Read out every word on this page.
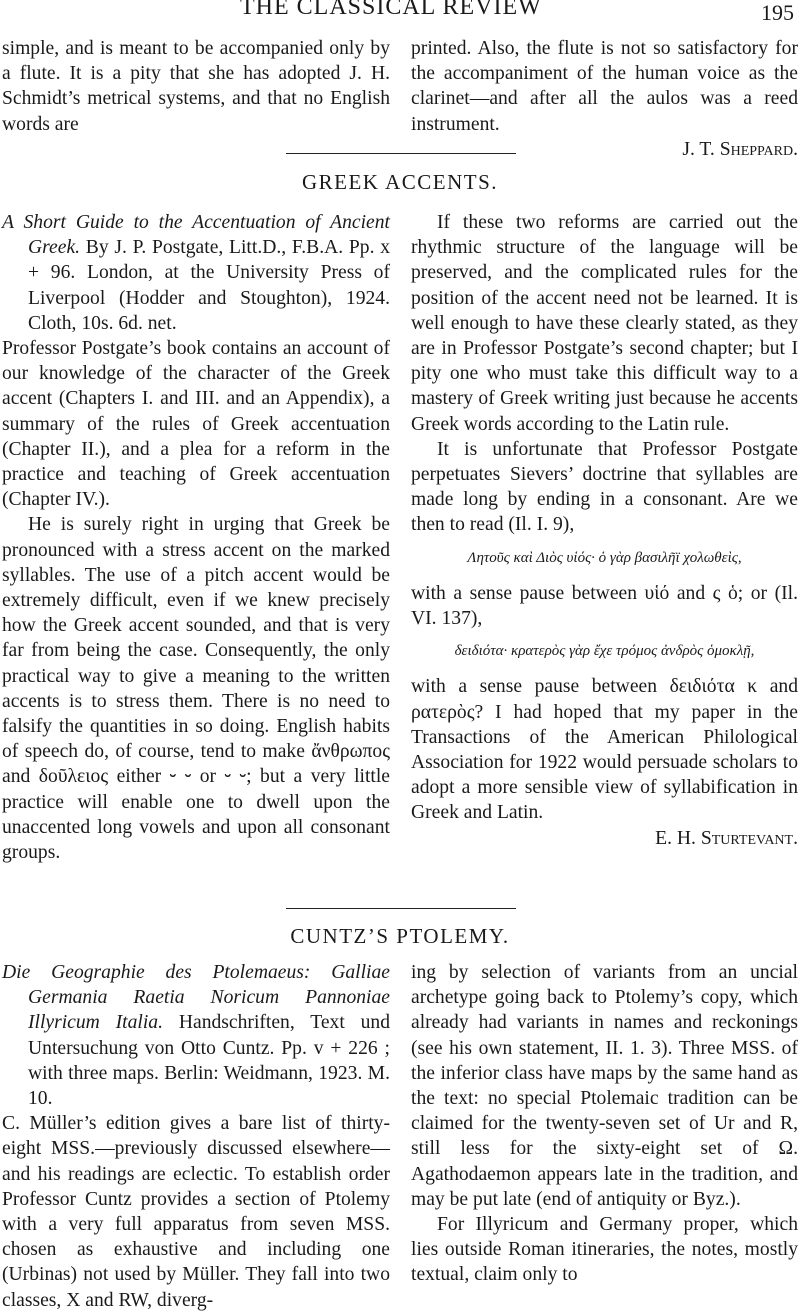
THE CLASSICAL REVIEW	195

simple, and is meant to be accompanied only by a flute. It is a pity that she has adopted J. H. Schmidt’s metrical systems, and that no English words are

printed. Also, the flute is not so satisfactory for the accompaniment of the human voice as the clarinet—and after all the aulos was a reed instrument.

J. T. Sheppard.

GREEK ACCENTS.

A Short Guide to the Accentuation of Ancient Greek. By J. P. Postgate, Litt.D., F.B.A. Pp. x + 96. London, at the University Press of Liverpool (Hodder and Stoughton), 1924. Cloth, 10s. 6d. net.

Professor Postgate’s book contains an account of our knowledge of the character of the Greek accent (Chapters I. and III. and an Appendix), a summary of the rules of Greek accentuation (Chapter II.), and a plea for a reform in the practice and teaching of Greek accentuation (Chapter IV.).

He is surely right in urging that Greek be pronounced with a stress accent on the marked syllables. The use of a pitch accent would be extremely difficult, even if we knew precisely how the Greek accent sounded, and that is very far from being the case. Consequently, the only practical way to give a meaning to the written accents is to stress them. There is no need to falsify the quantities in so doing. English habits of speech do, of course, tend to make ἄνθρωπος and δοῦλειος either ⏑ ⏑ or ⏑ ⏑; but a very little practice will enable one to dwell upon the unaccented long vowels and upon all consonant groups.

If these two reforms are carried out the rhythmic structure of the language will be preserved, and the complicated rules for the position of the accent need not be learned. It is well enough to have these clearly stated, as they are in Professor Postgate’s second chapter; but I pity one who must take this difficult way to a mastery of Greek writing just because he accents Greek words according to the Latin rule.

It is unfortunate that Professor Postgate perpetuates Sievers’ doctrine that syllables are made long by ending in a consonant. Are we then to read (Il. I. 9),

Λητοῦς καὶ Διὸς υἱός· ὁ γὰρ βασιλῆϊ χολωθεὶς,

with a sense pause between υἱό and ς ὁ; or (Il. VI. 137),

δειδιότα· κρατερὸς γὰρ ἔχε τρόμος ἀνδρὸς ὁμοκλῇ,

with a sense pause between δειδιότα κ and ρατερὸς? I had hoped that my paper in the Transactions of the American Philological Association for 1922 would persuade scholars to adopt a more sensible view of syllabification in Greek and Latin.

E. H. Sturtevant.

CUNTZ’S PTOLEMY.

Die Geographie des Ptolemaeus: Galliae Germania Raetia Noricum Pannoniae Illyricum Italia. Handschriften, Text und Untersuchung von Otto Cuntz. Pp. v + 226 ; with three maps. Berlin: Weidmann, 1923. M. 10.

C. Müller’s edition gives a bare list of thirty-eight MSS.—previously discussed elsewhere—and his readings are eclectic. To establish order Professor Cuntz provides a section of Ptolemy with a very full apparatus from seven MSS. chosen as exhaustive and including one (Urbinas) not used by Müller. They fall into two classes, X and RW, diverg-

ing by selection of variants from an uncial archetype going back to Ptolemy’s copy, which already had variants in names and reckonings (see his own statement, II. 1. 3). Three MSS. of the inferior class have maps by the same hand as the text: no special Ptolemaic tradition can be claimed for the twenty-seven set of Ur and R, still less for the sixty-eight set of Ω. Agathodaemon appears late in the tradition, and may be put late (end of antiquity or Byz.).

For Illyricum and Germany proper, which lies outside Roman itineraries, the notes, mostly textual, claim only to
